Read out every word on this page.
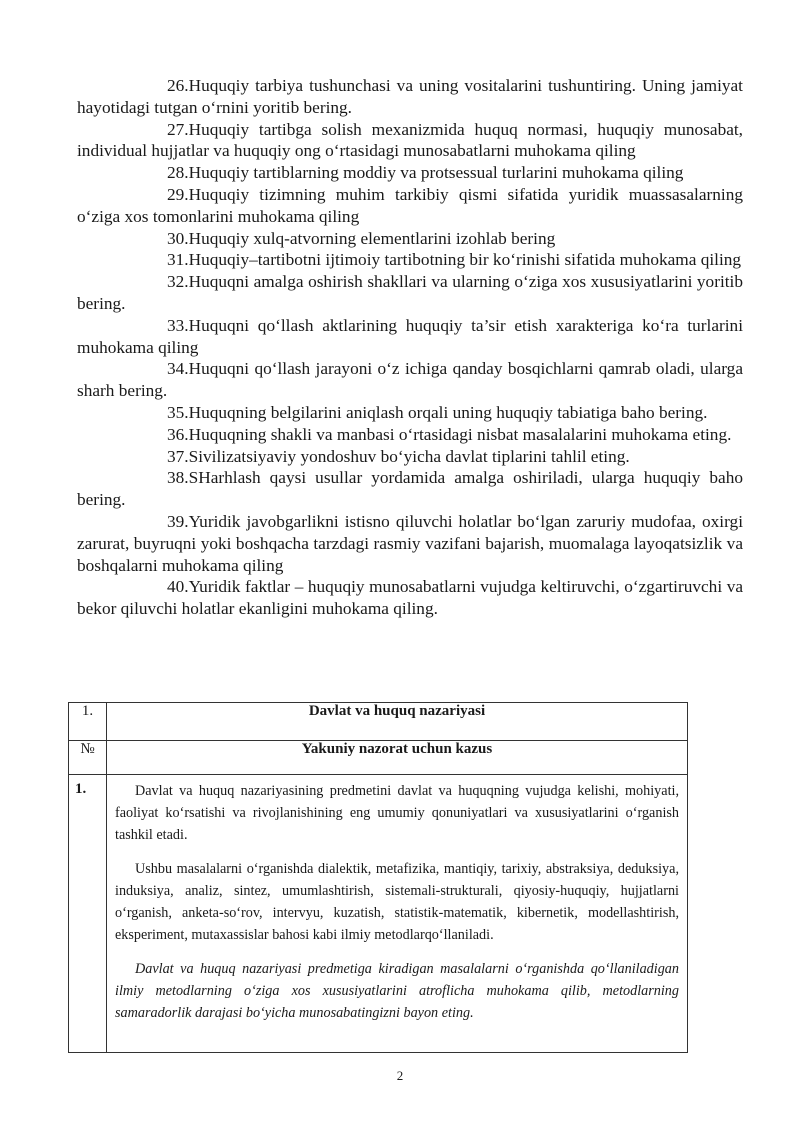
26.Huquqiy tarbiya tushunchasi va uning vositalarini tushuntiring. Uning jamiyat hayotidagi tutgan o‘rnini yoritib bering.

27.Huquqiy tartibga solish mexanizmida huquq normasi, huquqiy munosabat, individual hujjatlar va huquqiy ong o‘rtasidagi munosabatlarni muhokama qiling

28.Huquqiy tartiblarning moddiy va protsessual turlarini muhokama qiling

29.Huquqiy tizimning muhim tarkibiy qismi sifatida yuridik muassasalarning o‘ziga xos tomonlarini muhokama qiling

30.Huquqiy xulq-atvorning elementlarini izohlab bering

31.Huquqiy–tartibotni ijtimoiy tartibotning bir ko‘rinishi sifatida muhokama qiling

32.Huquqni amalga oshirish shakllari va ularning o‘ziga xos xususiyatlarini yoritib bering.

33.Huquqni qo‘llash aktlarining huquqiy ta’sir etish xarakteriga ko‘ra turlarini muhokama qiling

34.Huquqni qo‘llash jarayoni o‘z ichiga qanday bosqichlarni qamrab oladi, ularga sharh bering.

35.Huquqning belgilarini aniqlash orqali uning huquqiy tabiatiga baho bering.

36.Huquqning shakli va manbasi o‘rtasidagi nisbat masalalarini muhokama eting.

37.Sivilizatsiyaviy yondoshuv bo‘yicha davlat tiplarini tahlil eting.

38.SHarhlash qaysi usullar yordamida amalga oshiriladi, ularga huquqiy baho bering.

39.Yuridik javobgarlikni istisno qiluvchi holatlar bo‘lgan zaruriy mudofaa, oxirgi zarurat, buyruqni yoki boshqacha tarzdagi rasmiy vazifani bajarish, muomalaga layoqatsizlik va boshqalarni muhokama qiling

40.Yuridik faktlar – huquqiy munosabatlarni vujudga keltiruvchi, o‘zgartiruvchi va bekor qiluvchi holatlar ekanligini muhokama qiling.

1.	Davlat va huquq nazariyasi
№	Yakuniy nazorat uchun kazus
1.	Davlat va huquq nazariyasining predmetini davlat va huquqning vujudga kelishi, mohiyati, faoliyat ko‘rsatishi va rivojlanishining eng umumiy qonuniyatlari va xususiyatlarini o‘rganish tashkil etadi.

Ushbu masalalarni o‘rganishda dialektik, metafizika, mantiqiy, tarixiy, abstraksiya, deduksiya, induksiya, analiz, sintez, umumlashtirish, sistemali-strukturali, qiyosiy-huquqiy, hujjatlarni o‘rganish, anketa-so‘rov, intervyu, kuzatish, statistik-matematik, kibernetik, modellashtirish, eksperiment, mutaxassislar bahosi kabi ilmiy metodlarqo‘llaniladi.

Davlat va huquq nazariyasi predmetiga kiradigan masalalarni o‘rganishda qo‘llaniladigan ilmiy metodlarning o‘ziga xos xususiyatlarini atroflicha muhokama qilib, metodlarning samaradorlik darajasi bo‘yicha munosabatingizni bayon eting.

2
